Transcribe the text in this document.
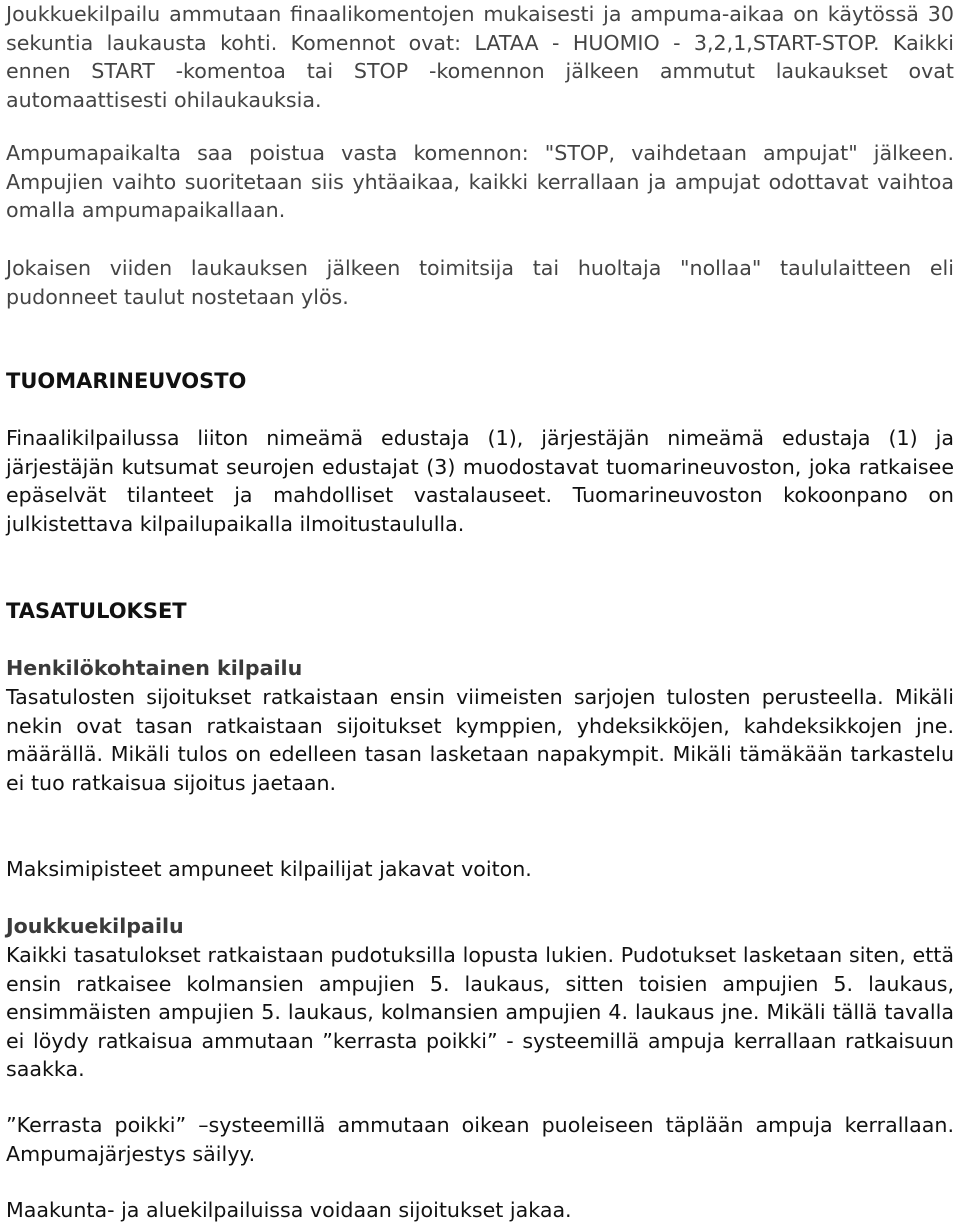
Joukkuekilpailu ammutaan finaalikomentojen mukaisesti ja ampuma-aikaa on käytössä 30 sekuntia laukausta kohti. Komennot ovat: LATAA - HUOMIO - 3,2,1,START-STOP. Kaikki ennen START -komentoa tai STOP -komennon jälkeen ammutut laukaukset ovat automaattisesti ohilaukauksia.

Ampumapaikalta saa poistua vasta komennon: "STOP, vaihdetaan ampujat" jälkeen. Ampujien vaihto suoritetaan siis yhtäaikaa, kaikki kerrallaan ja ampujat odottavat vaihtoa omalla ampumapaikallaan.

Jokaisen viiden laukauksen jälkeen toimitsija tai huoltaja "nollaa" taululaitteen eli pudonneet taulut nostetaan ylös.

TUOMARINEUVOSTO

Finaalikilpailussa liiton nimeämä edustaja (1), järjestäjän nimeämä edustaja (1) ja järjestäjän kutsumat seurojen edustajat (3) muodostavat tuomarineuvoston, joka ratkaisee epäselvät tilanteet ja mahdolliset vastalauseet. Tuomarineuvoston kokoonpano on julkistettava kilpailupaikalla ilmoitustaululla.

TASATULOKSET
Henkilökohtainen kilpailu

Tasatulosten sijoitukset ratkaistaan ensin viimeisten sarjojen tulosten perusteella. Mikäli nekin ovat tasan ratkaistaan sijoitukset kymppien, yhdeksikköjen, kahdeksikkojen jne. määrällä. Mikäli tulos on edelleen tasan lasketaan napakympit. Mikäli tämäkään tarkastelu ei tuo ratkaisua sijoitus jaetaan.

Maksimipisteet ampuneet kilpailijat jakavat voiton.

Joukkuekilpailu

Kaikki tasatulokset ratkaistaan pudotuksilla lopusta lukien. Pudotukset lasketaan siten, että ensin ratkaisee kolmansien ampujien 5. laukaus, sitten toisien ampujien 5. laukaus, ensimmäisten ampujien 5. laukaus, kolmansien ampujien 4. laukaus jne. Mikäli tällä tavalla ei löydy ratkaisua ammutaan ”kerrasta poikki” - systeemillä ampuja kerrallaan ratkaisuun saakka.

”Kerrasta poikki” –systeemillä ammutaan oikean puoleiseen täplään ampuja kerrallaan. Ampumajärjestys säilyy.

Maakunta- ja aluekilpailuissa voidaan sijoitukset jakaa.
